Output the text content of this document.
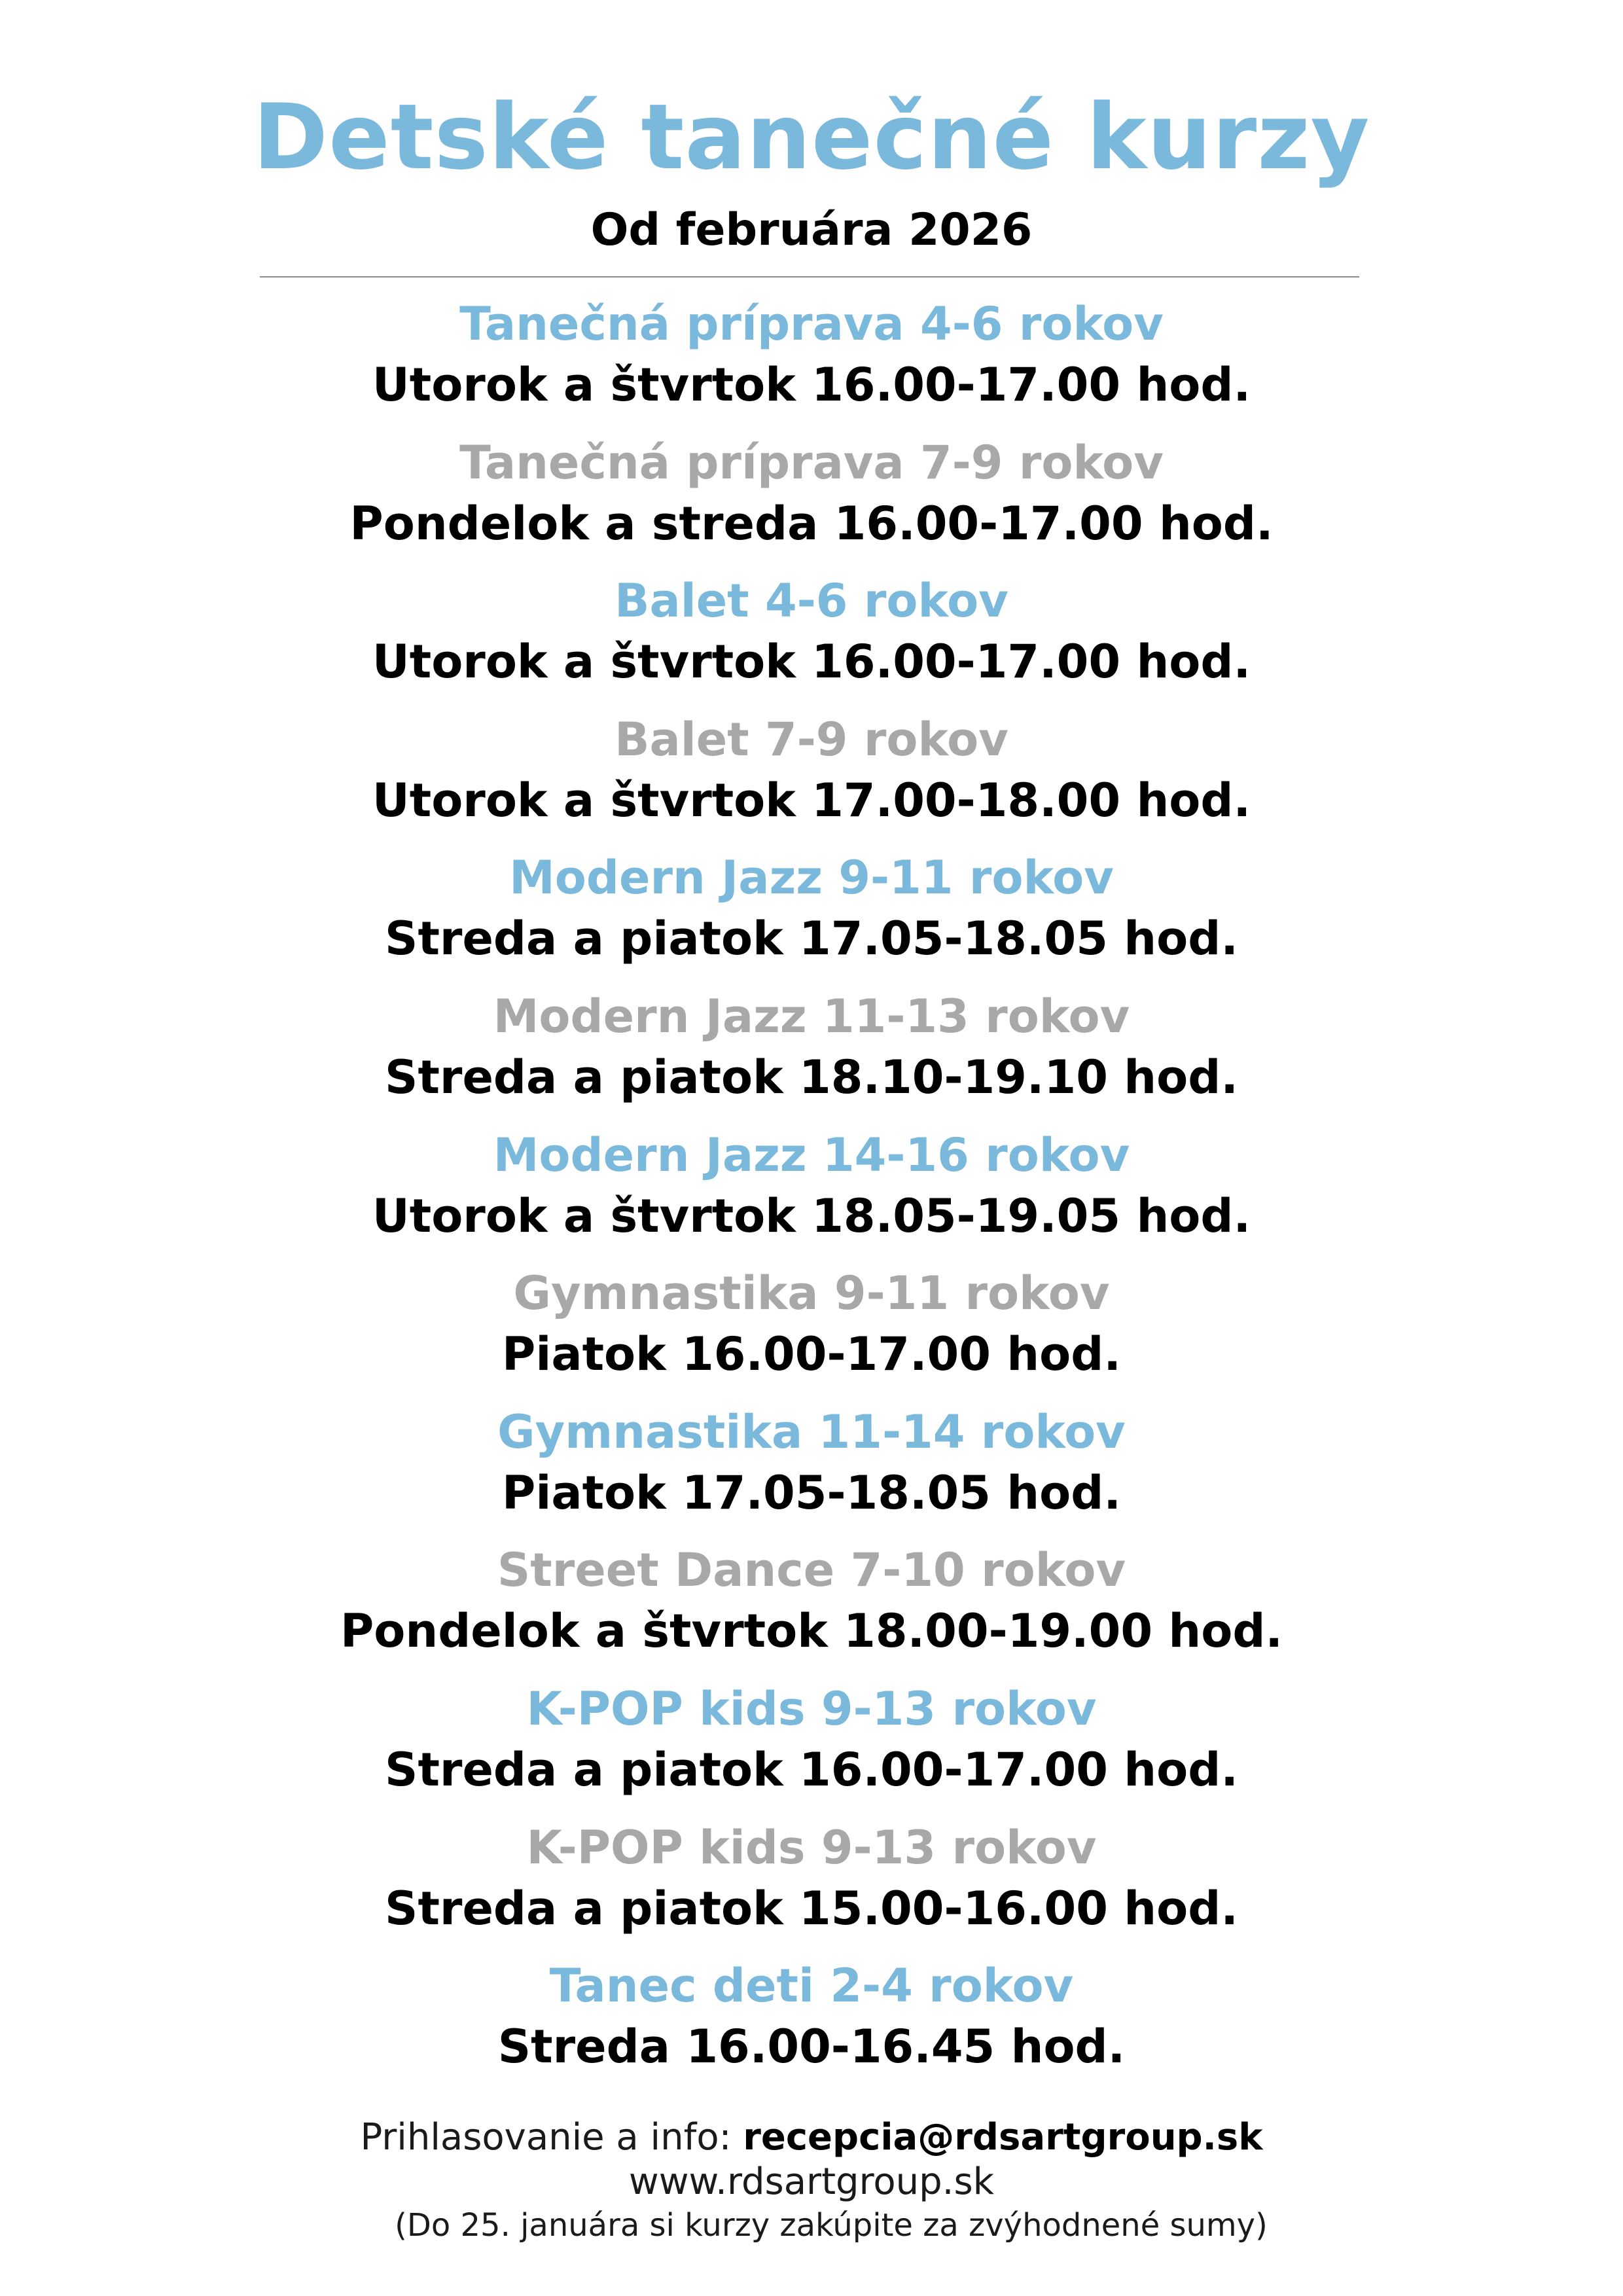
Detské tanečné kurzy
Od februára 2026
Tanečná príprava 4-6 rokov
Utorok a štvrtok 16.00-17.00 hod.
Tanečná príprava 7-9 rokov
Pondelok a streda 16.00-17.00 hod.
Balet 4-6 rokov
Utorok a štvrtok 16.00-17.00 hod.
Balet 7-9 rokov
Utorok a štvrtok 17.00-18.00 hod.
Modern Jazz 9-11 rokov
Streda a piatok 17.05-18.05 hod.
Modern Jazz 11-13 rokov
Streda a piatok 18.10-19.10 hod.
Modern Jazz 14-16 rokov
Utorok a štvrtok 18.05-19.05 hod.
Gymnastika 9-11 rokov
Piatok 16.00-17.00 hod.
Gymnastika 11-14 rokov
Piatok 17.05-18.05 hod.
Street Dance 7-10 rokov
Pondelok a štvrtok 18.00-19.00 hod.
K-POP kids 9-13 rokov
Streda a piatok 16.00-17.00 hod.
K-POP kids 9-13 rokov
Streda a piatok 15.00-16.00 hod.
Tanec deti 2-4 rokov
Streda 16.00-16.45 hod.
Prihlasovanie a info: recepcia@rdsartgroup.sk
www.rdsartgroup.sk
(Do 25. januára si kurzy zakúpite za zvýhodnené sumy)
